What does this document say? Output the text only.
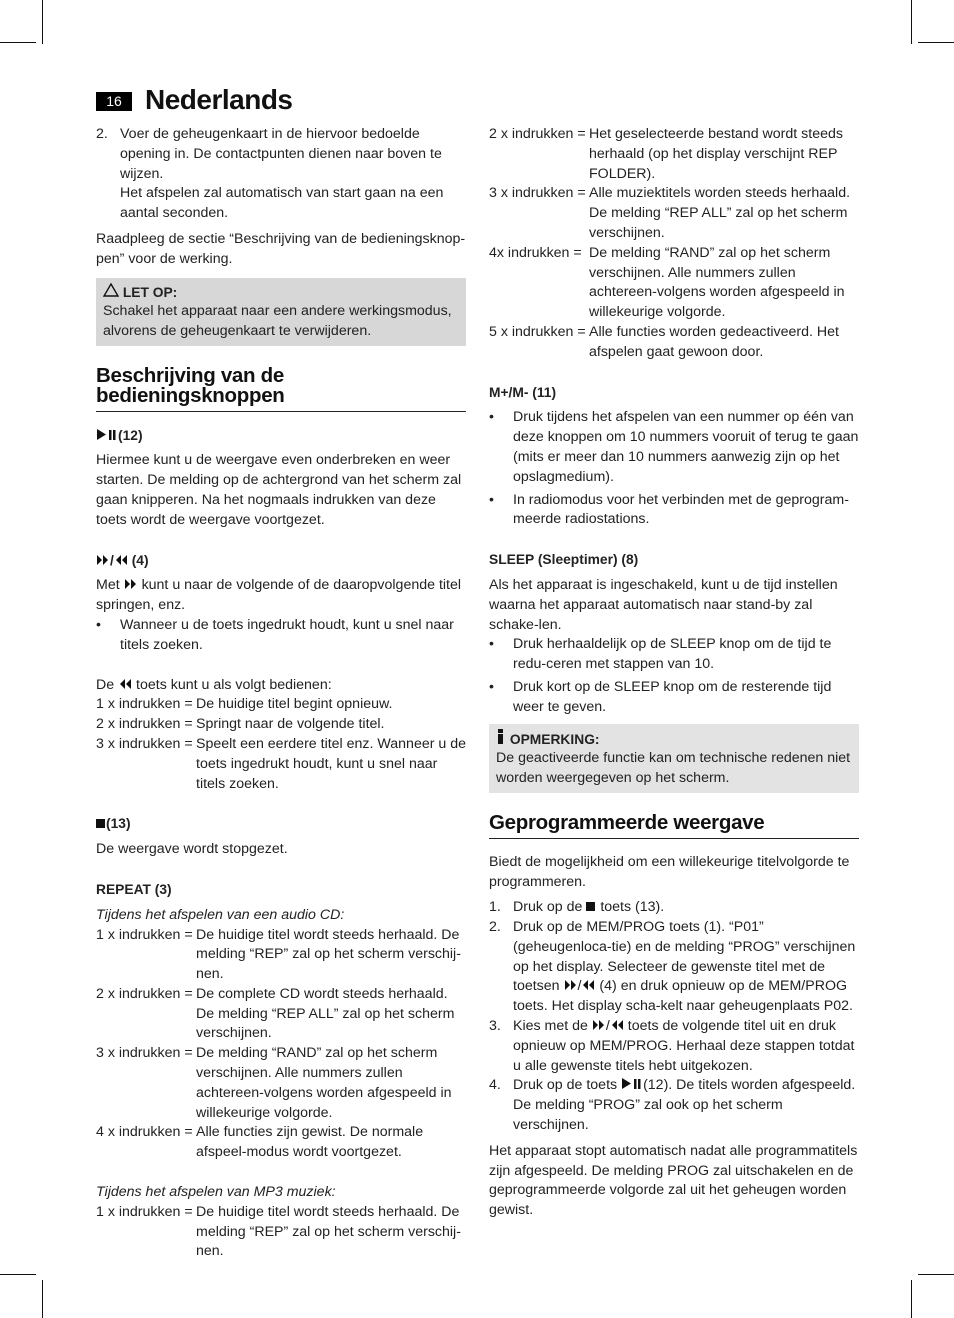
16 Nederlands
2. Voer de geheugenkaart in de hiervoor bedoelde opening in. De contactpunten dienen naar boven te wijzen.

Het afspelen zal automatisch van start gaan na een aantal seconden.

Raadpleeg de sectie “Beschrijving van de bedieningsknop-pen” voor de werking.

LET OP:

Schakel het apparaat naar een andere werkingsmodus, alvorens de geheugenkaart te verwijderen.

Beschrijving van de bedieningsknoppen
(12)

Hiermee kunt u de weergave even onderbreken en weer starten. De melding op de achtergrond van het scherm zal gaan knipperen. Na het nogmaals indrukken van deze toets wordt de weergave voortgezet.

/ (4)

Met kunt u naar de volgende of de daaropvolgende titel springen, enz.

•	Wanneer u de toets ingedrukt houdt, kunt u snel naar titels zoeken.

De toets kunt u als volgt bedienen:

1 x indrukken = De huidige titel begint opnieuw.
2 x indrukken = Springt naar de volgende titel.
3 x indrukken = Speelt een eerdere titel enz. Wanneer u de toets ingedrukt houdt, kunt u snel naar titels zoeken.
(13)

De weergave wordt stopgezet.

REPEAT (3)

Tijdens het afspelen van een audio CD:

1 x indrukken = De huidige titel wordt steeds herhaald. De melding “REP” zal op het scherm verschij-nen.
2 x indrukken = De complete CD wordt steeds herhaald. De melding “REP ALL” zal op het scherm verschijnen.
3 x indrukken = De melding “RAND” zal op het scherm verschijnen. Alle nummers zullen achtereen-volgens worden afgespeeld in willekeurige volgorde.
4 x indrukken = Alle functies zijn gewist. De normale afspeel-modus wordt voortgezet.

Tijdens het afspelen van MP3 muziek:

1 x indrukken = De huidige titel wordt steeds herhaald. De melding “REP” zal op het scherm verschij-nen.
2 x indrukken = Het geselecteerde bestand wordt steeds herhaald (op het display verschijnt REP FOLDER).
3 x indrukken = Alle muziektitels worden steeds herhaald. De melding “REP ALL” zal op het scherm verschijnen.
4x indrukken = De melding “RAND” zal op het scherm verschijnen. Alle nummers zullen achtereen-volgens worden afgespeeld in willekeurige volgorde.
5 x indrukken = Alle functies worden gedeactiveerd. Het afspelen gaat gewoon door.
M+/M- (11)
•	Druk tijdens het afspelen van een nummer op één van deze knoppen om 10 nummers vooruit of terug te gaan (mits er meer dan 10 nummers aanwezig zijn op het opslagmedium).
•	In radiomodus voor het verbinden met de geprogram-meerde radiostations.
SLEEP (Sleeptimer) (8)

Als het apparaat is ingeschakeld, kunt u de tijd instellen waarna het apparaat automatisch naar stand-by zal schake-len.

•	Druk herhaaldelijk op de SLEEP knop om de tijd te redu-ceren met stappen van 10.
•	Druk kort op de SLEEP knop om de resterende tijd weer te geven.
OPMERKING:

De geactiveerde functie kan om technische redenen niet worden weergegeven op het scherm.

Geprogrammeerde weergave

Biedt de mogelijkheid om een willekeurige titelvolgorde te programmeren.

1. Druk op de toets (13).
2. Druk op de MEM/PROG toets (1). “P01” (geheugenloca-tie) en de melding “PROG” verschijnen op het display. Selecteer de gewenste titel met de toetsen / (4) en druk opnieuw op de MEM/PROG toets. Het display scha-kelt naar geheugenplaats P02.
3. Kies met de / toets de volgende titel uit en druk opnieuw op MEM/PROG. Herhaal deze stappen totdat u alle gewenste titels hebt uitgekozen.
4. Druk op de toets (12). De titels worden afgespeeld. De melding “PROG” zal ook op het scherm verschijnen.

Het apparaat stopt automatisch nadat alle programmatitels zijn afgespeeld. De melding PROG zal uitschakelen en de geprogrammeerde volgorde zal uit het geheugen worden gewist.
